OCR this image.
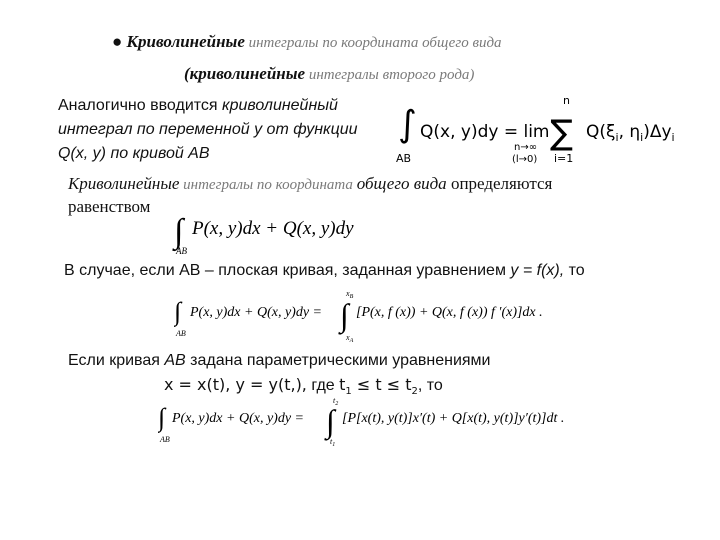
● Криволинейные интегралы по координата общего вида
(криволинейные интегралы второго рода)
Аналогично вводится криволинейный
интеграл по переменной y от функции
Q(x, y) по кривой AB
∫
AB
Q(x, y)dy = lim
n→∞
(l→0)
n
∑
i=1
$Q(\xi_i$, $\eta_i)\Delta y_i$
Криволинейные интегралы по координата общего вида определяются
равенством
∫
AB
P(x, y)dx + Q(x, y)dy
В случае, если АВ – плоская кривая, заданная уравнением y = f(x), то
∫
AB
P(x, y)dx + Q(x, y)dy =
$x_B$
∫
$x_A$
[P(x, f (x)) + Q(x, f (x)) f ′(x)]dx .
Если кривая AB задана параметрическими уравнениями
x = x(t), y = y(t,), где $t_1 \le t \le t_2$, то
∫
AB
P(x, y)dx + Q(x, y)dy =
$t_2$
∫
$t_1$
[P[x(t), y(t)]x′(t) + Q[x(t), y(t)]y′(t)]dt .
